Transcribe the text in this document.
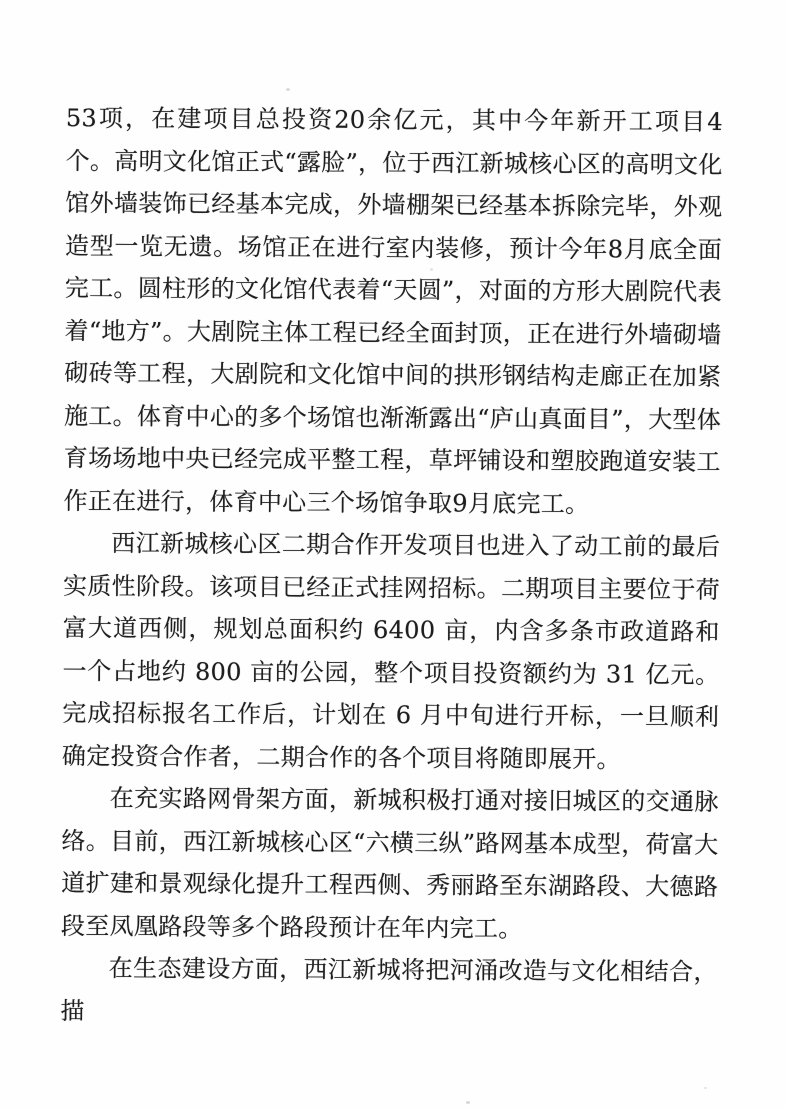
53项，在建项目总投资20余亿元，其中今年新开工项目4个。高明文化馆正式“露脸”，位于西江新城核心区的高明文化馆外墙装饰已经基本完成，外墙棚架已经基本拆除完毕，外观造型一览无遗。场馆正在进行室内装修，预计今年8月底全面完工。圆柱形的文化馆代表着“天圆”，对面的方形大剧院代表着“地方”。大剧院主体工程已经全面封顶，正在进行外墙砌墙砌砖等工程，大剧院和文化馆中间的拱形钢结构走廊正在加紧施工。体育中心的多个场馆也渐渐露出“庐山真面目”，大型体育场场地中央已经完成平整工程，草坪铺设和塑胶跑道安装工作正在进行，体育中心三个场馆争取9月底完工。

西江新城核心区二期合作开发项目也进入了动工前的最后实质性阶段。该项目已经正式挂网招标。二期项目主要位于荷富大道西侧，规划总面积约 6400 亩，内含多条市政道路和一个占地约 800 亩的公园，整个项目投资额约为 31 亿元。完成招标报名工作后，计划在 6 月中旬进行开标，一旦顺利确定投资合作者，二期合作的各个项目将随即展开。

在充实路网骨架方面，新城积极打通对接旧城区的交通脉络。目前，西江新城核心区“六横三纵”路网基本成型，荷富大道扩建和景观绿化提升工程西侧、秀丽路至东湖路段、大德路段至凤凰路段等多个路段预计在年内完工。

在生态建设方面，西江新城将把河涌改造与文化相结合，描
